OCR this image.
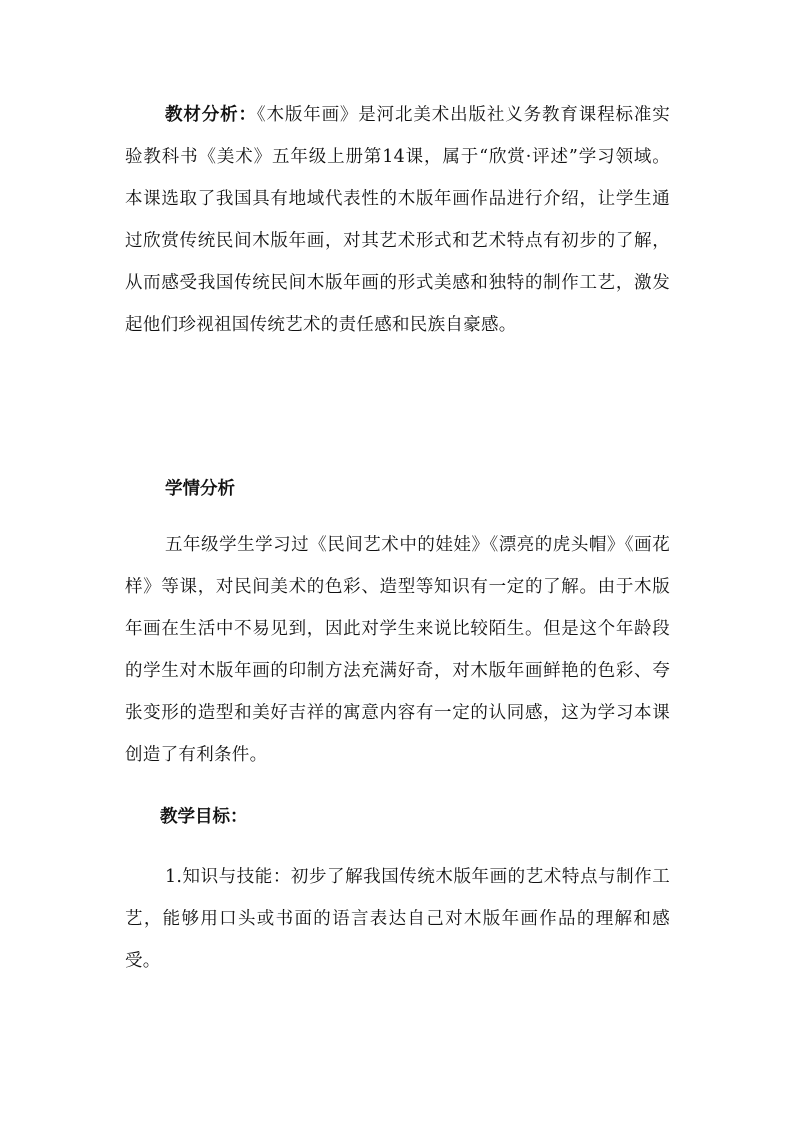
教材分析：《木版年画》是河北美术出版社义务教育课程标准实验教科书《美术》五年级上册第14课，属于“欣赏·评述”学习领域。本课选取了我国具有地域代表性的木版年画作品进行介绍，让学生通过欣赏传统民间木版年画，对其艺术形式和艺术特点有初步的了解，从而感受我国传统民间木版年画的形式美感和独特的制作工艺，激发起他们珍视祖国传统艺术的责任感和民族自豪感。

学情分析

五年级学生学习过《民间艺术中的娃娃》《漂亮的虎头帽》《画花样》等课，对民间美术的色彩、造型等知识有一定的了解。由于木版年画在生活中不易见到，因此对学生来说比较陌生。但是这个年龄段的学生对木版年画的印制方法充满好奇，对木版年画鲜艳的色彩、夸张变形的造型和美好吉祥的寓意内容有一定的认同感，这为学习本课创造了有利条件。

教学目标：

1.知识与技能：初步了解我国传统木版年画的艺术特点与制作工艺，能够用口头或书面的语言表达自己对木版年画作品的理解和感受。
